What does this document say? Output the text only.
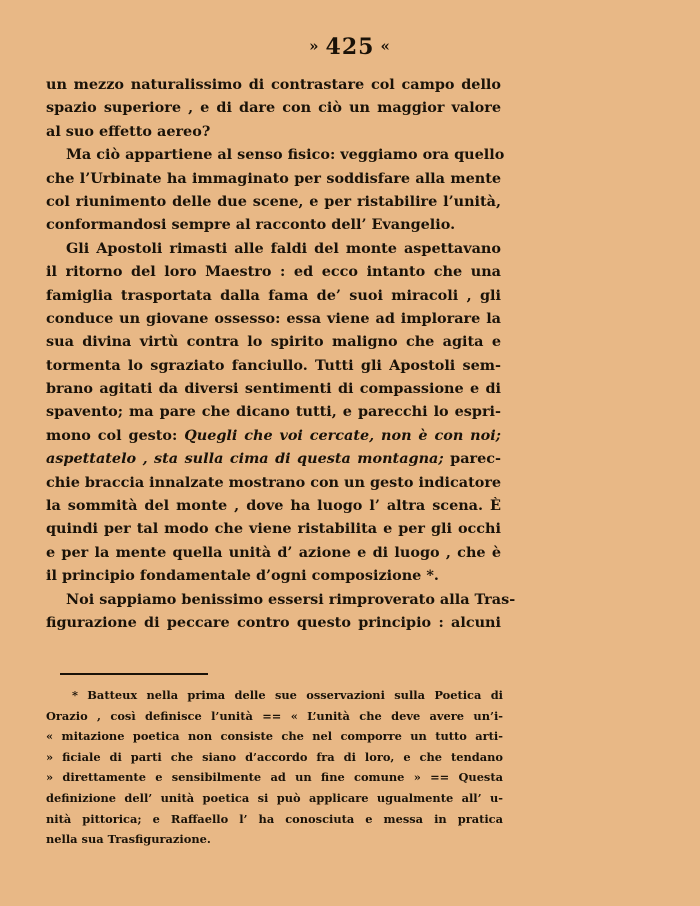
» 425 «
un mezzo naturalissimo di contrastare col campo dello
spazio superiore , e di dare con ciò un maggior valore
al suo effetto aereo?
Ma ciò appartiene al senso fisico: veggiamo ora quello
che l’Urbinate ha immaginato per soddisfare alla mente
col riunimento delle due scene, e per ristabilire l’unità,
conformandosi sempre al racconto dell’ Evangelio.
Gli Apostoli rimasti alle faldi del monte aspettavano
il ritorno del loro Maestro : ed ecco intanto che una
famiglia trasportata dalla fama de’ suoi miracoli , gli
conduce un giovane ossesso: essa viene ad implorare la
sua divina virtù contra lo spirito maligno che agita e
tormenta lo sgraziato fanciullo. Tutti gli Apostoli sem-
brano agitati da diversi sentimenti di compassione e di
spavento; ma pare che dicano tutti, e parecchi lo espri-
mono col gesto: Quegli che voi cercate, non è con noi;
aspettatelo , sta sulla cima di questa montagna; parec-
chie braccia innalzate mostrano con un gesto indicatore
la sommità del monte , dove ha luogo l’ altra scena. È
quindi per tal modo che viene ristabilita e per gli occhi
e per la mente quella unità d’ azione e di luogo , che è
il principio fondamentale d’ogni composizione *.
Noi sappiamo benissimo essersi rimproverato alla Tras-
figurazione di peccare contro questo principio : alcuni
* Batteux nella prima delle sue osservazioni sulla Poetica di
Orazio , così definisce l’unità == « L’unità che deve avere un’i-
« mitazione poetica non consiste che nel comporre un tutto arti-
» ficiale di parti che siano d’accordo fra di loro, e che tendano
» direttamente e sensibilmente ad un fine comune » == Questa
definizione dell’ unità poetica si può applicare ugualmente all’ u-
nità pittorica; e Raffaello l’ ha conosciuta e messa in pratica
nella sua Trasfigurazione.
